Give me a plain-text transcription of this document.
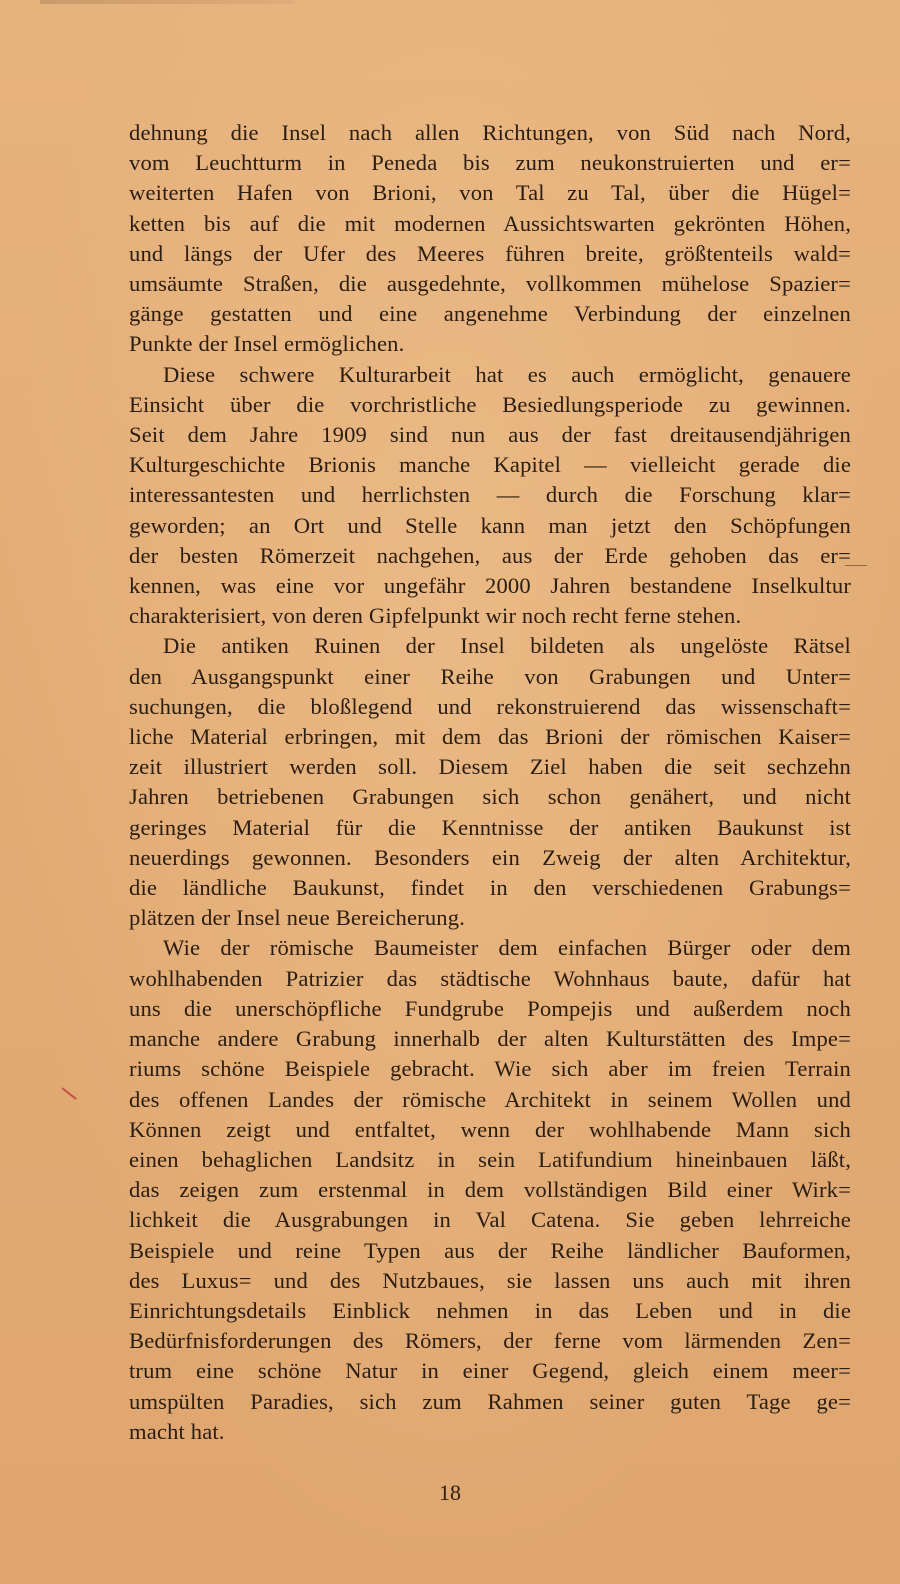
dehnung die Insel nach allen Richtungen, von Süd nach Nord,
vom Leuchtturm in Peneda bis zum neukonstruierten und er=
weiterten Hafen von Brioni, von Tal zu Tal, über die Hügel=
ketten bis auf die mit modernen Aussichtswarten gekrönten Höhen,
und längs der Ufer des Meeres führen breite, größtenteils wald=
umsäumte Straßen, die ausgedehnte, vollkommen mühelose Spazier=
gänge gestatten und eine angenehme Verbindung der einzelnen
Punkte der Insel ermöglichen.
Diese schwere Kulturarbeit hat es auch ermöglicht, genauere
Einsicht über die vorchristliche Besiedlungsperiode zu gewinnen.
Seit dem Jahre 1909 sind nun aus der fast dreitausendjährigen
Kulturgeschichte Brionis manche Kapitel — vielleicht gerade die
interessantesten und herrlichsten — durch die Forschung klar=
geworden; an Ort und Stelle kann man jetzt den Schöpfungen
der besten Römerzeit nachgehen, aus der Erde gehoben das er=
kennen, was eine vor ungefähr 2000 Jahren bestandene Inselkultur
charakterisiert, von deren Gipfelpunkt wir noch recht ferne stehen.
Die antiken Ruinen der Insel bildeten als ungelöste Rätsel
den Ausgangspunkt einer Reihe von Grabungen und Unter=
suchungen, die bloßlegend und rekonstruierend das wissenschaft=
liche Material erbringen, mit dem das Brioni der römischen Kaiser=
zeit illustriert werden soll. Diesem Ziel haben die seit sechzehn
Jahren betriebenen Grabungen sich schon genähert, und nicht
geringes Material für die Kenntnisse der antiken Baukunst ist
neuerdings gewonnen. Besonders ein Zweig der alten Architektur,
die ländliche Baukunst, findet in den verschiedenen Grabungs=
plätzen der Insel neue Bereicherung.
Wie der römische Baumeister dem einfachen Bürger oder dem
wohlhabenden Patrizier das städtische Wohnhaus baute, dafür hat
uns die unerschöpfliche Fundgrube Pompejis und außerdem noch
manche andere Grabung innerhalb der alten Kulturstätten des Impe=
riums schöne Beispiele gebracht. Wie sich aber im freien Terrain
des offenen Landes der römische Architekt in seinem Wollen und
Können zeigt und entfaltet, wenn der wohlhabende Mann sich
einen behaglichen Landsitz in sein Latifundium hineinbauen läßt,
das zeigen zum erstenmal in dem vollständigen Bild einer Wirk=
lichkeit die Ausgrabungen in Val Catena. Sie geben lehrreiche
Beispiele und reine Typen aus der Reihe ländlicher Bauformen,
des Luxus= und des Nutzbaues, sie lassen uns auch mit ihren
Einrichtungsdetails Einblick nehmen in das Leben und in die
Bedürfnisforderungen des Römers, der ferne vom lärmenden Zen=
trum eine schöne Natur in einer Gegend, gleich einem meer=
umspülten Paradies, sich zum Rahmen seiner guten Tage ge=
macht hat.
18
